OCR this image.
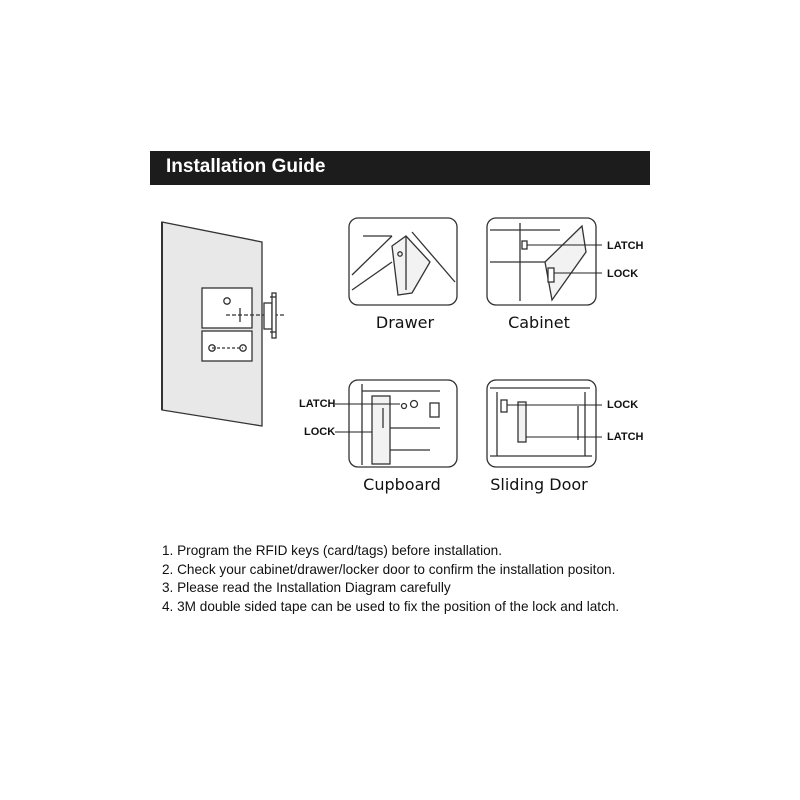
Installation Guide
Drawer	Cabinet
Cupboard	Sliding Door
LATCH
LOCK
LATCH
LOCK
LOCK
LATCH
1. Program the RFID keys (card/tags) before installation.
2. Check your cabinet/drawer/locker door to confirm the installation positon.
3. Please read the Installation Diagram carefully
4. 3M double sided tape can be used to fix the position of the lock and latch.
